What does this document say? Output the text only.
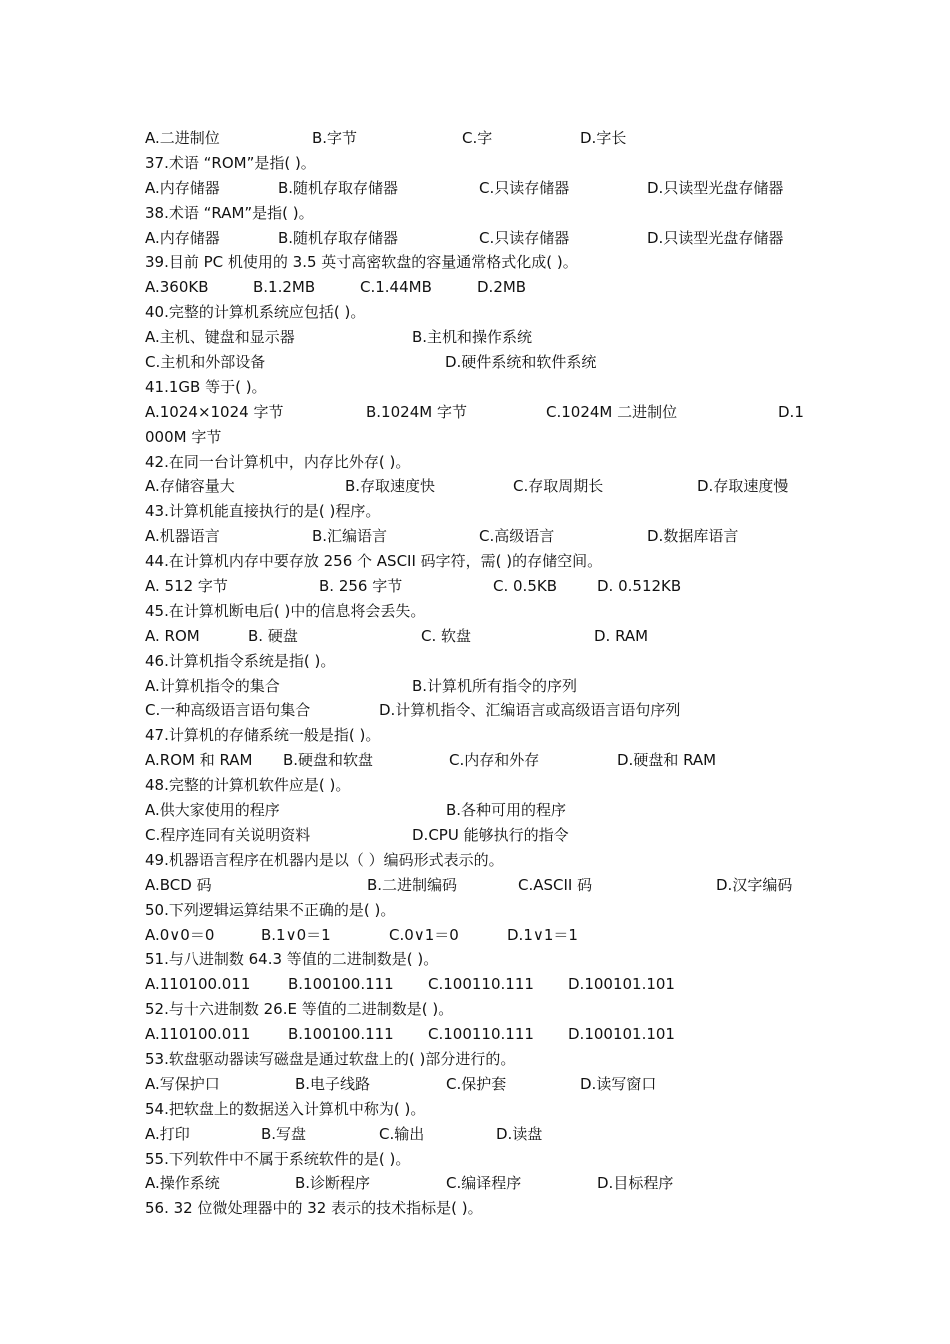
A.二进制位	B.字节	C.字	D.字长
37.术语 “ROM”是指( )。
A.内存储器	B.随机存取存储器	C.只读存储器	D.只读型光盘存储器
38.术语 “RAM”是指( )。
A.内存储器	B.随机存取存储器	C.只读存储器	D.只读型光盘存储器
39.目前 PC 机使用的 3.5 英寸高密软盘的容量通常格式化成( )。
A.360KB	B.1.2MB	C.1.44MB	D.2MB
40.完整的计算机系统应包括( )。
A.主机、键盘和显示器	B.主机和操作系统
C.主机和外部设备	D.硬件系统和软件系统
41.1GB 等于( )。
A.1024×1024 字节	B.1024M 字节	C.1024M 二进制位	D.1
000M 字节
42.在同一台计算机中，内存比外存( )。
A.存储容量大	B.存取速度快	C.存取周期长	D.存取速度慢
43.计算机能直接执行的是( )程序。
A.机器语言	B.汇编语言	C.高级语言	D.数据库语言
44.在计算机内存中要存放 256 个 ASCII 码字符，需( )的存储空间。
A. 512 字节	B. 256 字节	C. 0.5KB	D. 0.512KB
45.在计算机断电后( )中的信息将会丢失。
A. ROM	B. 硬盘	C. 软盘	D. RAM
46.计算机指令系统是指( )。
A.计算机指令的集合	B.计算机所有指令的序列
C.一种高级语言语句集合	D.计算机指令、汇编语言或高级语言语句序列
47.计算机的存储系统一般是指( )。
A.ROM 和 RAM B.硬盘和软盘	C.内存和外存	D.硬盘和 RAM
48.完整的计算机软件应是( )。
A.供大家使用的程序	B.各种可用的程序
C.程序连同有关说明资料	D.CPU 能够执行的指令
49.机器语言程序在机器内是以（ ）编码形式表示的。
A.BCD 码	B.二进制编码	C.ASCII 码	D.汉字编码
50.下列逻辑运算结果不正确的是( )。
A.0∨0＝0	B.1∨0＝1	C.0∨1＝0	D.1∨1＝1
51.与八进制数 64.3 等值的二进制数是( )。
A.110100.011	B.100100.111 C.100110.111 D.100101.101
52.与十六进制数 26.E 等值的二进制数是( )。
A.110100.011	B.100100.111 C.100110.111 D.100101.101
53.软盘驱动器读写磁盘是通过软盘上的( )部分进行的。
A.写保护口	B.电子线路	C.保护套	D.读写窗口
54.把软盘上的数据送入计算机中称为( )。
A.打印	B.写盘	C.输出	D.读盘
55.下列软件中不属于系统软件的是( )。
A.操作系统	B.诊断程序	C.编译程序	D.目标程序
56. 32 位微处理器中的 32 表示的技术指标是( )。
